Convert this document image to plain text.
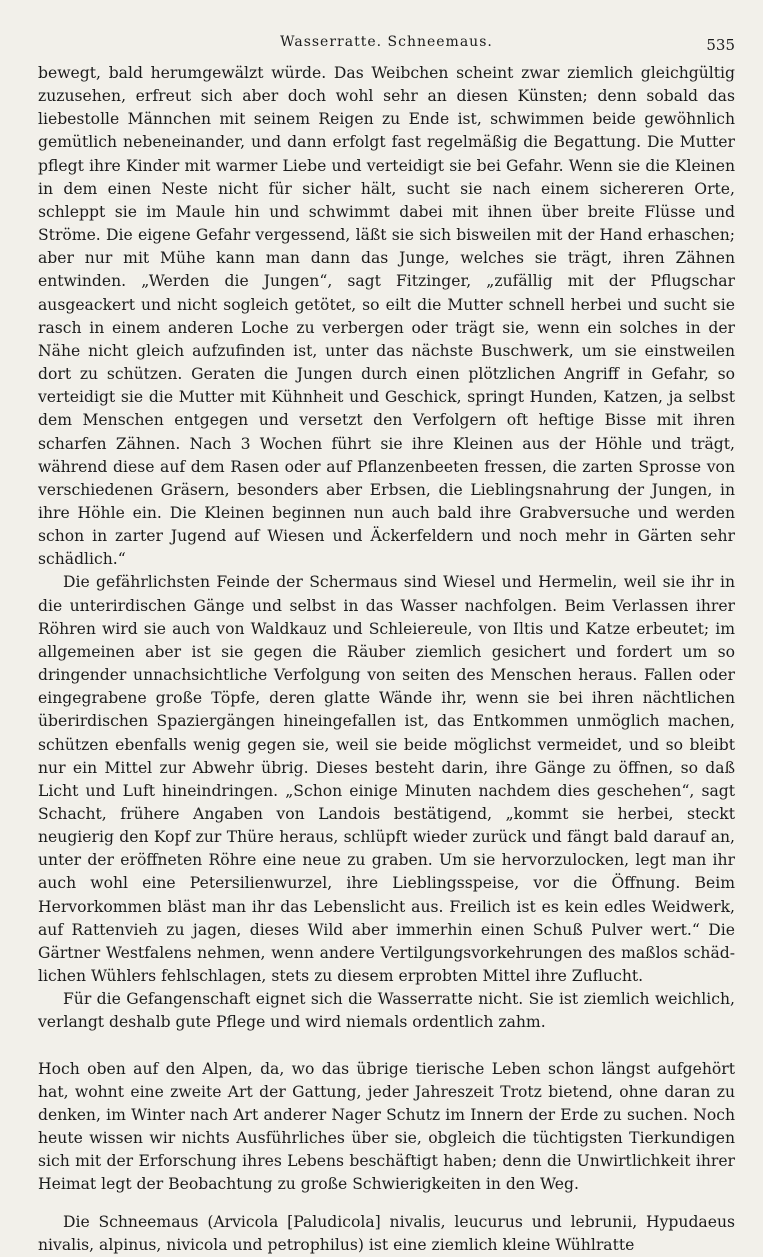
Wasserratte. Schneemaus.	535

bewegt, bald herumgewälzt würde. Das Weibchen scheint zwar ziemlich gleichgültig zuzusehen, erfreut sich aber doch wohl sehr an diesen Künsten; denn sobald das liebestolle Männchen mit seinem Reigen zu Ende ist, schwimmen beide gewöhnlich gemütlich nebeneinander, und dann erfolgt fast regelmäßig die Begattung. Die Mutter pflegt ihre Kinder mit warmer Liebe und verteidigt sie bei Gefahr. Wenn sie die Kleinen in dem einen Neste nicht für sicher hält, sucht sie nach einem sichereren Orte, schleppt sie im Maule hin und schwimmt dabei mit ihnen über breite Flüsse und Ströme. Die eigene Gefahr vergessend, läßt sie sich bisweilen mit der Hand erhaschen; aber nur mit Mühe kann man dann das Junge, welches sie trägt, ihren Zähnen entwinden. „Werden die Jungen“, sagt Fitzinger, „zufällig mit der Pflugschar ausgeackert und nicht sogleich getötet, so eilt die Mutter schnell herbei und sucht sie rasch in einem anderen Loche zu verbergen oder trägt sie, wenn ein solches in der Nähe nicht gleich aufzufinden ist, unter das nächste Buschwerk, um sie einstweilen dort zu schützen. Geraten die Jungen durch einen plötzlichen Angriff in Gefahr, so verteidigt sie die Mutter mit Kühnheit und Geschick, springt Hunden, Katzen, ja selbst dem Menschen entgegen und versetzt den Verfolgern oft heftige Bisse mit ihren scharfen Zähnen. Nach 3 Wochen führt sie ihre Kleinen aus der Höhle und trägt, während diese auf dem Rasen oder auf Pflanzenbeeten fressen, die zarten Sprosse von verschiedenen Gräsern, besonders aber Erbsen, die Lieblingsnahrung der Jungen, in ihre Höhle ein. Die Kleinen beginnen nun auch bald ihre Grabversuche und werden schon in zarter Jugend auf Wiesen und Äckerfeldern und noch mehr in Gärten sehr schädlich.“

Die gefährlichsten Feinde der Schermaus sind Wiesel und Hermelin, weil sie ihr in die unterirdischen Gänge und selbst in das Wasser nachfolgen. Beim Verlassen ihrer Röhren wird sie auch von Waldkauz und Schleiereule, von Iltis und Katze erbeutet; im allgemeinen aber ist sie gegen die Räuber ziemlich gesichert und fordert um so dringender unnachsichtliche Verfolgung von seiten des Menschen heraus. Fallen oder eingegrabene große Töpfe, deren glatte Wände ihr, wenn sie bei ihren nächtlichen überirdischen Spaziergängen hineingefallen ist, das Entkommen unmöglich machen, schützen ebenfalls wenig gegen sie, weil sie beide möglichst vermeidet, und so bleibt nur ein Mittel zur Abwehr übrig. Dieses besteht darin, ihre Gänge zu öffnen, so daß Licht und Luft hineindringen. „Schon einige Minuten nachdem dies geschehen“, sagt Schacht, frühere Angaben von Landois bestätigend, „kommt sie herbei, steckt neugierig den Kopf zur Thüre heraus, schlüpft wieder zurück und fängt bald darauf an, unter der eröffneten Röhre eine neue zu graben. Um sie hervorzulocken, legt man ihr auch wohl eine Petersilienwurzel, ihre Lieblingsspeise, vor die Öffnung. Beim Hervorkommen bläst man ihr das Lebenslicht aus. Freilich ist es kein edles Weidwerk, auf Rattenvieh zu jagen, dieses Wild aber immerhin einen Schuß Pulver wert.“ Die Gärtner Westfalens nehmen, wenn andere Vertilgungsvorkehrungen des maßlos schädlichen Wühlers fehlschlagen, stets zu diesem erprobten Mittel ihre Zuflucht.

Für die Gefangenschaft eignet sich die Wasserratte nicht. Sie ist ziemlich weichlich, verlangt deshalb gute Pflege und wird niemals ordentlich zahm.

Hoch oben auf den Alpen, da, wo das übrige tierische Leben schon längst aufgehört hat, wohnt eine zweite Art der Gattung, jeder Jahreszeit Trotz bietend, ohne daran zu denken, im Winter nach Art anderer Nager Schutz im Innern der Erde zu suchen. Noch heute wissen wir nichts Ausführliches über sie, obgleich die tüchtigsten Tierkundigen sich mit der Erforschung ihres Lebens beschäftigt haben; denn die Unwirtlichkeit ihrer Heimat legt der Beobachtung zu große Schwierigkeiten in den Weg.

Die Schneemaus (Arvicola [Paludicola] nivalis, leucurus und lebrunii, Hypudaeus nivalis, alpinus, nivicola und petrophilus) ist eine ziemlich kleine Wühlratte
